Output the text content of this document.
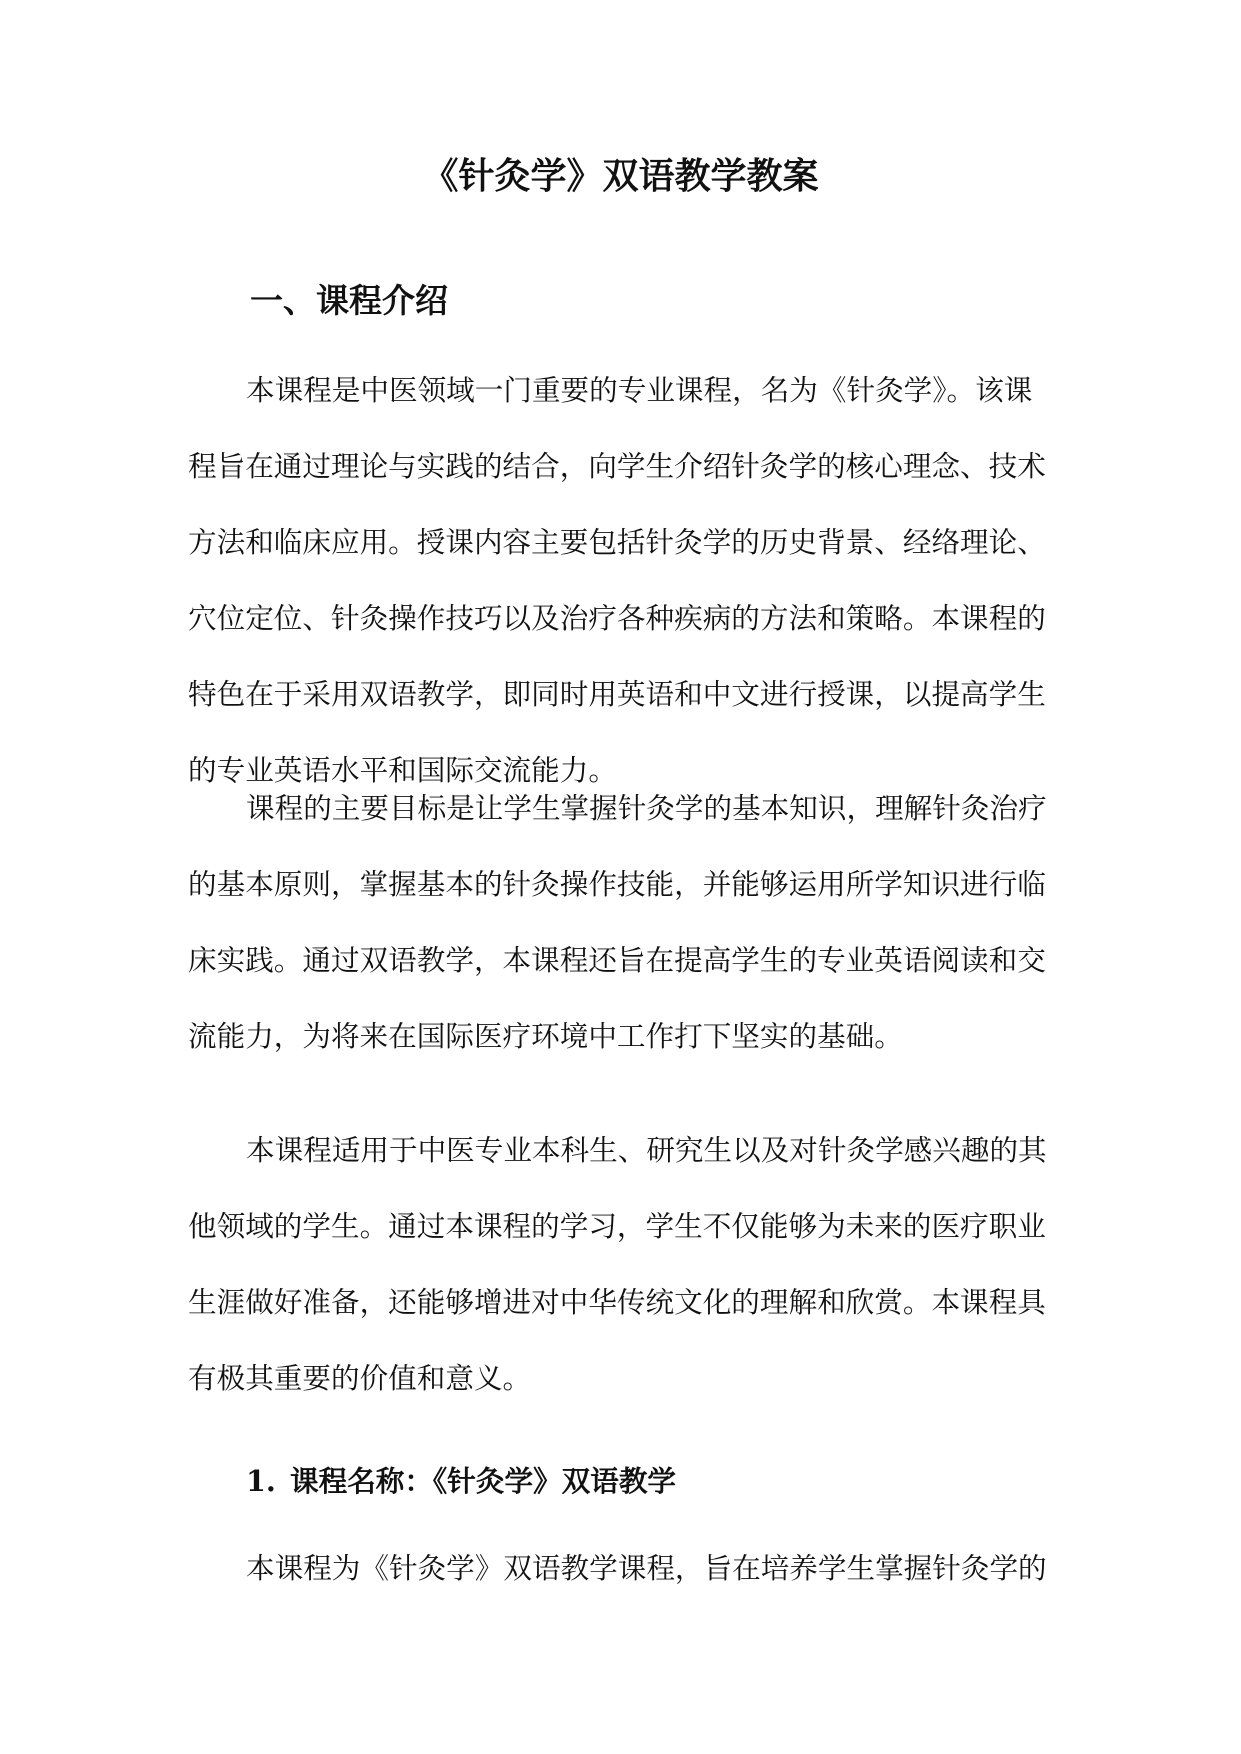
《针灸学》双语教学教案
一、课程介绍

本课程是中医领域一门重要的专业课程，名为《针灸学》。该课
程旨在通过理论与实践的结合，向学生介绍针灸学的核心理念、技术
方法和临床应用。授课内容主要包括针灸学的历史背景、经络理论、
穴位定位、针灸操作技巧以及治疗各种疾病的方法和策略。本课程的
特色在于采用双语教学，即同时用英语和中文进行授课，以提高学生
的专业英语水平和国际交流能力。

课程的主要目标是让学生掌握针灸学的基本知识，理解针灸治疗
的基本原则，掌握基本的针灸操作技能，并能够运用所学知识进行临
床实践。通过双语教学，本课程还旨在提高学生的专业英语阅读和交
流能力，为将来在国际医疗环境中工作打下坚实的基础。

本课程适用于中医专业本科生、研究生以及对针灸学感兴趣的其
他领域的学生。通过本课程的学习，学生不仅能够为未来的医疗职业
生涯做好准备，还能够增进对中华传统文化的理解和欣赏。本课程具
有极其重要的价值和意义。

1. 课程名称：《针灸学》双语教学

本课程为《针灸学》双语教学课程，旨在培养学生掌握针灸学的
